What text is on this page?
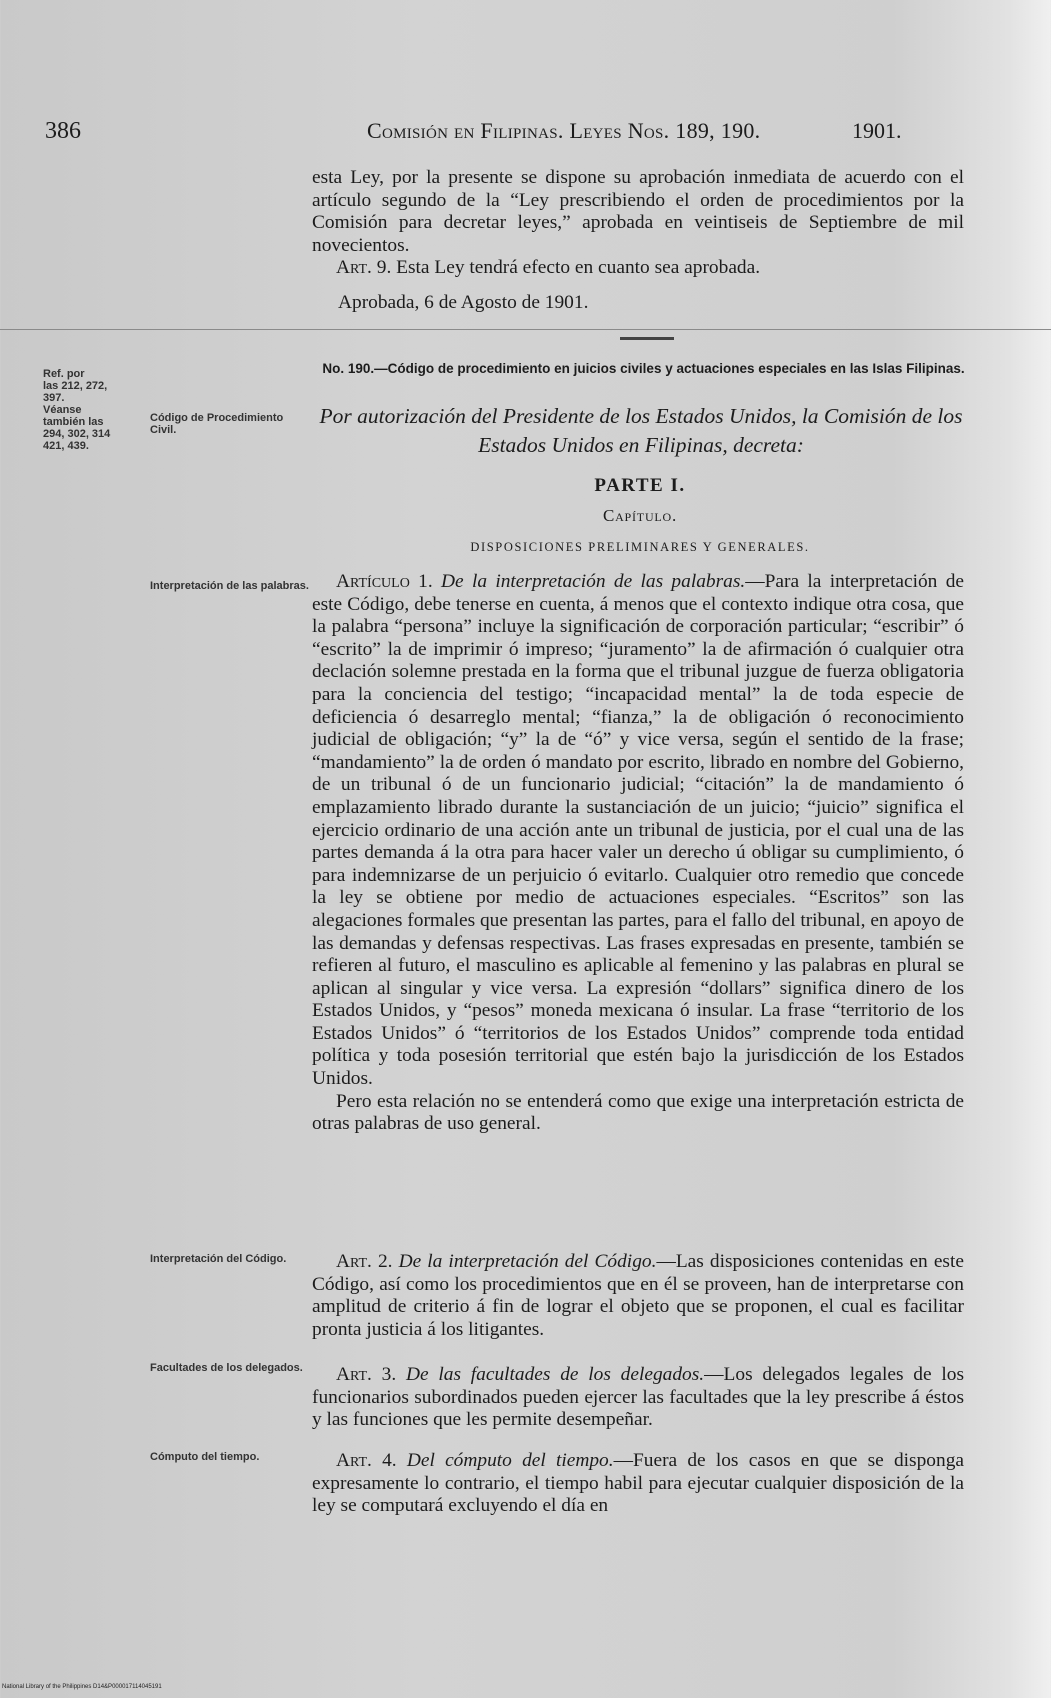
386	Comisión en Filipinas. Leyes Nos. 189, 190.	1901.

esta Ley, por la presente se dispone su aprobación inmediata de acuerdo con el artículo segundo de la “Ley prescribiendo el orden de procedimientos por la Comisión para decretar leyes,” aprobada en veintiseis de Septiembre de mil novecientos.

Art. 9. Esta Ley tendrá efecto en cuanto sea aprobada.

Aprobada, 6 de Agosto de 1901.
Ref. por
las 212, 272,
397.
Véanse
también las
294, 302, 314
421, 439.
Código de Procedimiento Civil.
No. 190.—Código de procedimiento en juicios civiles y actuaciones especiales en las Islas Filipinas.
Por autorización del Presidente de los Estados Unidos, la Comisión de los Estados Unidos en Filipinas, decreta:
PARTE I.
Capítulo.
DISPOSICIONES PRELIMINARES Y GENERALES.
Interpretación de las palabras.	Artículo 1. De la interpretación de las palabras.—Para la interpretación de este Código, debe tenerse en cuenta, á menos que el contexto indique otra cosa, que la palabra “persona” incluye la significación de corporación particular; “escribir” ó “escrito” la de imprimir ó impreso; “juramento” la de afirmación ó cualquier otra declación solemne prestada en la forma que el tribunal juzgue de fuerza obligatoria para la conciencia del testigo; “incapacidad mental” la de toda especie de deficiencia ó desarreglo mental; “fianza,” la de obligación ó reconocimiento judicial de obligación; “y” la de “ó” y vice versa, según el sentido de la frase; “mandamiento” la de orden ó mandato por escrito, librado en nombre del Gobierno, de un tribunal ó de un funcionario judicial; “citación” la de mandamiento ó emplazamiento librado durante la sustanciación de un juicio; “juicio” significa el ejercicio ordinario de una acción ante un tribunal de justicia, por el cual una de las partes demanda á la otra para hacer valer un derecho ú obligar su cumplimiento, ó para indemnizarse de un perjuicio ó evitarlo. Cualquier otro remedio que concede la ley se obtiene por medio de actuaciones especiales. “Escritos” son las alegaciones formales que presentan las partes, para el fallo del tribunal, en apoyo de las demandas y defensas respectivas. Las frases expresadas en presente, también se refieren al futuro, el masculino es aplicable al femenino y las palabras en plural se aplican al singular y vice versa. La expresión “dollars” significa dinero de los Estados Unidos, y “pesos” moneda mexicana ó insular. La frase “territorio de los Estados Unidos” ó “territorios de los Estados Unidos” comprende toda entidad política y toda posesión territorial que estén bajo la jurisdicción de los Estados Unidos.

Pero esta relación no se entenderá como que exige una interpretación estricta de otras palabras de uso general.

Interpretación del Código.	Art. 2. De la interpretación del Código.—Las disposiciones contenidas en este Código, así como los procedimientos que en él se proveen, han de interpretarse con amplitud de criterio á fin de lograr el objeto que se proponen, el cual es facilitar pronta justicia á los litigantes.

Facultades de los delegados.	Art. 3. De las facultades de los delegados.—Los delegados legales de los funcionarios subordinados pueden ejercer las facultades que la ley prescribe á éstos y las funciones que les permite desempeñar.

Cómputo del tiempo.	Art. 4. Del cómputo del tiempo.—Fuera de los casos en que se disponga expresamente lo contrario, el tiempo habil para ejecutar cualquier disposición de la ley se computará excluyendo el día en

National Library of the Philippines D14&P000017114045191
